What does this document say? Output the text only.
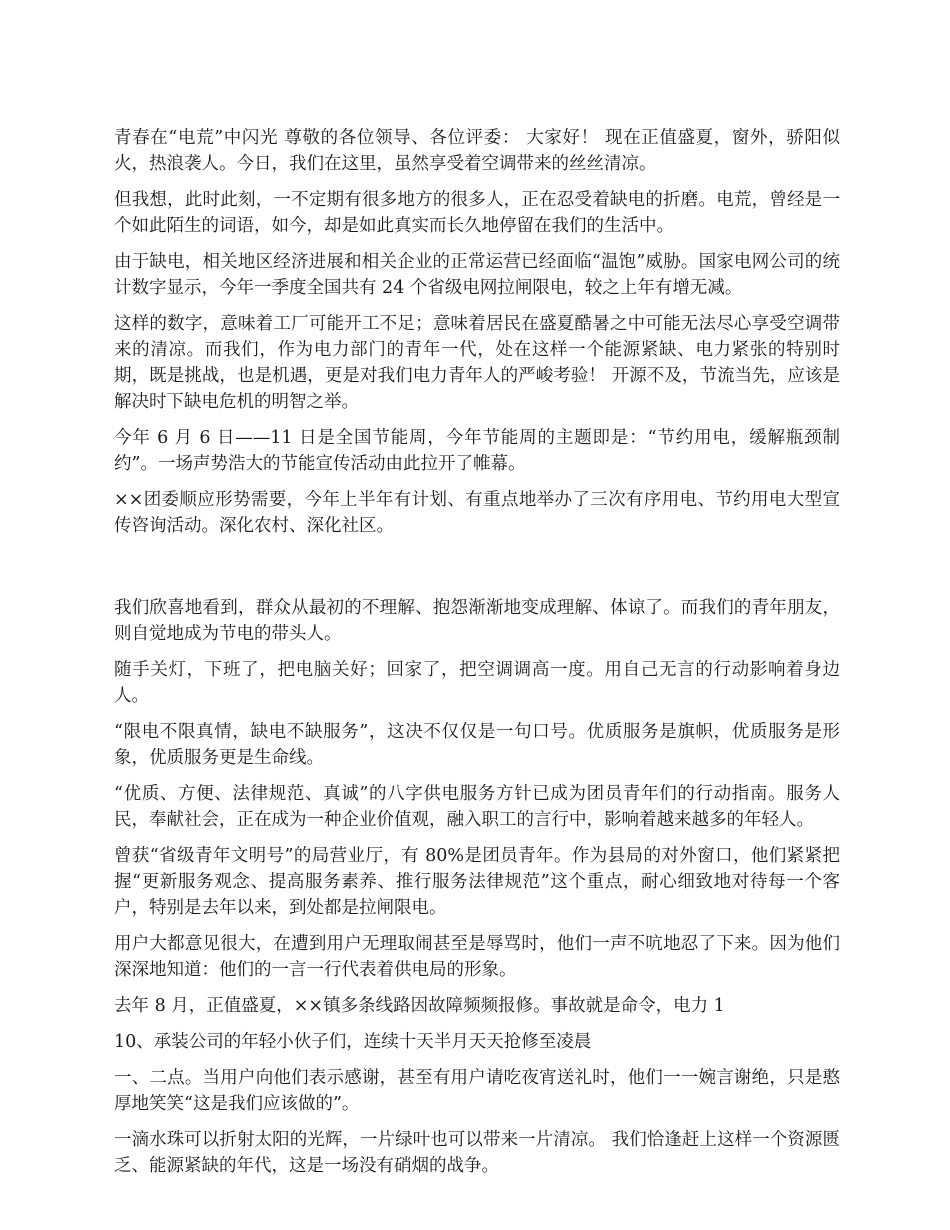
青春在“电荒”中闪光 尊敬的各位领导、各位评委： 大家好！ 现在正值盛夏，窗外，骄阳似火，热浪袭人。今日，我们在这里，虽然享受着空调带来的丝丝清凉。

但我想，此时此刻，一不定期有很多地方的很多人，正在忍受着缺电的折磨。电荒，曾经是一个如此陌生的词语，如今，却是如此真实而长久地停留在我们的生活中。

由于缺电，相关地区经济进展和相关企业的正常运营已经面临“温饱”威胁。国家电网公司的统计数字显示，今年一季度全国共有 24 个省级电网拉闸限电，较之上年有增无减。

这样的数字，意味着工厂可能开工不足；意味着居民在盛夏酷暑之中可能无法尽心享受空调带来的清凉。而我们，作为电力部门的青年一代，处在这样一个能源紧缺、电力紧张的特别时期，既是挑战，也是机遇，更是对我们电力青年人的严峻考验！ 开源不及，节流当先，应该是解决时下缺电危机的明智之举。

今年 6 月 6 日——11 日是全国节能周，今年节能周的主题即是：“节约用电，缓解瓶颈制约”。一场声势浩大的节能宣传活动由此拉开了帷幕。

××团委顺应形势需要，今年上半年有计划、有重点地举办了三次有序用电、节约用电大型宣传咨询活动。深化农村、深化社区。

我们欣喜地看到，群众从最初的不理解、抱怨渐渐地变成理解、体谅了。而我们的青年朋友，则自觉地成为节电的带头人。

随手关灯，下班了，把电脑关好；回家了，把空调调高一度。用自己无言的行动影响着身边人。

“限电不限真情，缺电不缺服务”，这决不仅仅是一句口号。优质服务是旗帜，优质服务是形象，优质服务更是生命线。

“优质、方便、法律规范、真诚”的八字供电服务方针已成为团员青年们的行动指南。服务人民，奉献社会，正在成为一种企业价值观，融入职工的言行中，影响着越来越多的年轻人。

曾获“省级青年文明号”的局营业厅，有 80%是团员青年。作为县局的对外窗口，他们紧紧把握“更新服务观念、提高服务素养、推行服务法律规范”这个重点，耐心细致地对待每一个客户，特别是去年以来，到处都是拉闸限电。

用户大都意见很大，在遭到用户无理取闹甚至是辱骂时，他们一声不吭地忍了下来。因为他们深深地知道：他们的一言一行代表着供电局的形象。

去年 8 月，正值盛夏，××镇多条线路因故障频频报修。事故就是命令，电力 1

10、承装公司的年轻小伙子们，连续十天半月天天抢修至凌晨

一、二点。当用户向他们表示感谢，甚至有用户请吃夜宵送礼时，他们一一婉言谢绝，只是憨厚地笑笑“这是我们应该做的”。

一滴水珠可以折射太阳的光辉，一片绿叶也可以带来一片清凉。 我们恰逢赶上这样一个资源匮乏、能源紧缺的年代，这是一场没有硝烟的战争。
